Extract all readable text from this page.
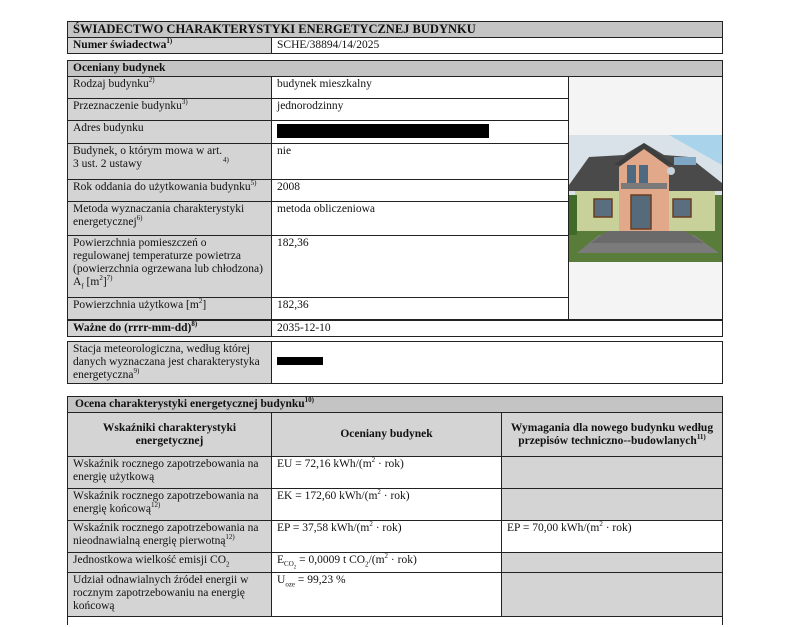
ŚWIADECTWO CHARAKTERYSTYKI ENERGETYCZNEJ BUDYNKU
Numer świadectwa$^{1)}$	SCHE/38894/14/2025
Oceniany budynek		
Rodzaj budynku$^{2)}$	budynek mieszkalny	

Przeznaczenie budynku$^{3)}$	jednorodzinny	
Adres budynku		
Budynek, o którym mowa w art. 3 ust. 2 ustawy $^{4)}$	nie	
Rok oddania do użytkowania budynku$^{5)}$	2008	
Metoda wyznaczania charakterystyki energetycznej$^{6)}$	metoda obliczeniowa	
Powierzchnia pomieszczeń o regulowanej temperaturze powietrza (powierzchnia ogrzewana lub chłodzona) $A_f$ $[m^2]^{7)}$	182,36	
Powierzchnia użytkowa $[m^2]$	182,36	
Ważne do (rrrr-mm-dd)$^{8)}$	2035-12-10
Stacja meteorologiczna, według której danych wyznaczana jest charakterystyka energetyczna$^{9)}$	
Ocena charakterystyki energetycznej budynku$^{10)}$
Wskaźniki charakterystyki energetycznej	Oceniany budynek	Wymagania dla nowego budynku według przepisów techniczno--budowlanych$^{11)}$
Wskaźnik rocznego zapotrzebowania na energię użytkową	EU = 72,16 kWh/$(m^2 \cdot rok)$	
Wskaźnik rocznego zapotrzebowania na energię końcową$^{12)}$	EK = 172,60 kWh/$(m^2 \cdot rok)$	
Wskaźnik rocznego zapotrzebowania na nieodnawialną energię pierwotną$^{12)}$	EP = 37,58 kWh/$(m^2 \cdot rok)$	EP = 70,00 kWh/$(m^2 \cdot rok)$
Jednostkowa wielkość emisji $CO_2$	$E_{CO_2} = 0,0009$ t $CO_2/(m^2 \cdot rok)$	
Udział odnawialnych źródeł energii w rocznym zapotrzebowaniu na energię końcową	$U_{oze} = 99,23$ %	
